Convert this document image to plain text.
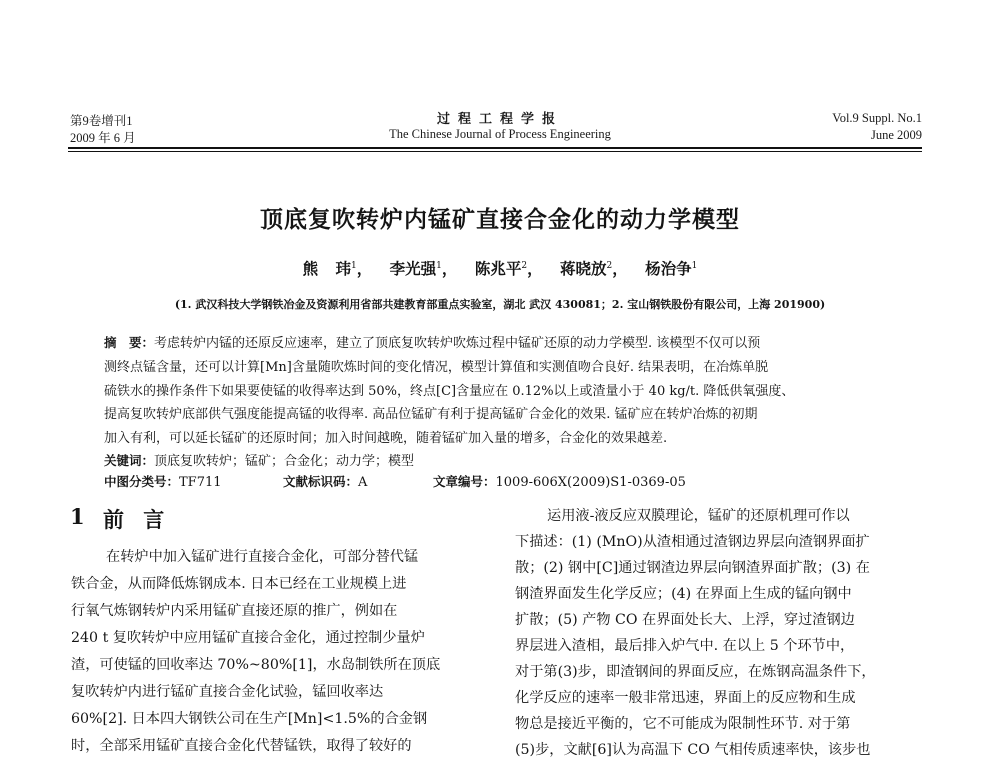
第9卷增刊1
2009 年 6 月
过程工程学报
The Chinese Journal of Process Engineering
Vol.9 Suppl. No.1
June 2009
顶底复吹转炉内锰矿直接合金化的动力学模型
熊 玮$^1$， 李光强$^1$， 陈兆平$^2$， 蒋晓放$^2$， 杨治争$^1$
(1. 武汉科技大学钢铁冶金及资源利用省部共建教育部重点实验室，湖北 武汉 430081；2. 宝山钢铁股份有限公司，上海 201900)
摘　要：考虑转炉内锰的还原反应速率，建立了顶底复吹转炉吹炼过程中锰矿还原的动力学模型. 该模型不仅可以预
测终点锰含量，还可以计算[Mn]含量随吹炼时间的变化情况，模型计算值和实测值吻合良好. 结果表明，在冶炼单脱
硫铁水的操作条件下如果要使锰的收得率达到 50%，终点[C]含量应在 0.12%以上或渣量小于 40 kg/t. 降低供氧强度、
提高复吹转炉底部供气强度能提高锰的收得率. 高品位锰矿有利于提高锰矿合金化的效果. 锰矿应在转炉冶炼的初期
加入有利，可以延长锰矿的还原时间；加入时间越晚，随着锰矿加入量的增多，合金化的效果越差.
关键词：顶底复吹转炉；锰矿；合金化；动力学；模型
中图分类号：TF711	文献标识码：A	文章编号：1009-606X(2009)S1-0369-05
1 前 言
在转炉中加入锰矿进行直接合金化，可部分替代锰
铁合金，从而降低炼钢成本. 日本已经在工业规模上进
行氧气炼钢转炉内采用锰矿直接还原的推广，例如在
240 t 复吹转炉中应用锰矿直接合金化，通过控制少量炉
渣，可使锰的回收率达 70%~80%[1]，水岛制铁所在顶底
复吹转炉内进行锰矿直接合金化试验，锰回收率达
60%[2]. 日本四大钢铁公司在生产[Mn]<1.5%的合金钢
时，全部采用锰矿直接合金化代替锰铁，取得了较好的
运用液-液反应双膜理论，锰矿的还原机理可作以
下描述：(1) (MnO)从渣相通过渣钢边界层向渣钢界面扩
散；(2) 钢中[C]通过钢渣边界层向钢渣界面扩散；(3) 在
钢渣界面发生化学反应；(4) 在界面上生成的锰向钢中
扩散；(5) 产物 CO 在界面处长大、上浮，穿过渣钢边
界层进入渣相，最后排入炉气中. 在以上 5 个环节中，
对于第(3)步，即渣钢间的界面反应，在炼钢高温条件下，
化学反应的速率一般非常迅速，界面上的反应物和生成
物总是接近平衡的，它不可能成为限制性环节. 对于第
(5)步，文献[6]认为高温下 CO 气相传质速率快，该步也
